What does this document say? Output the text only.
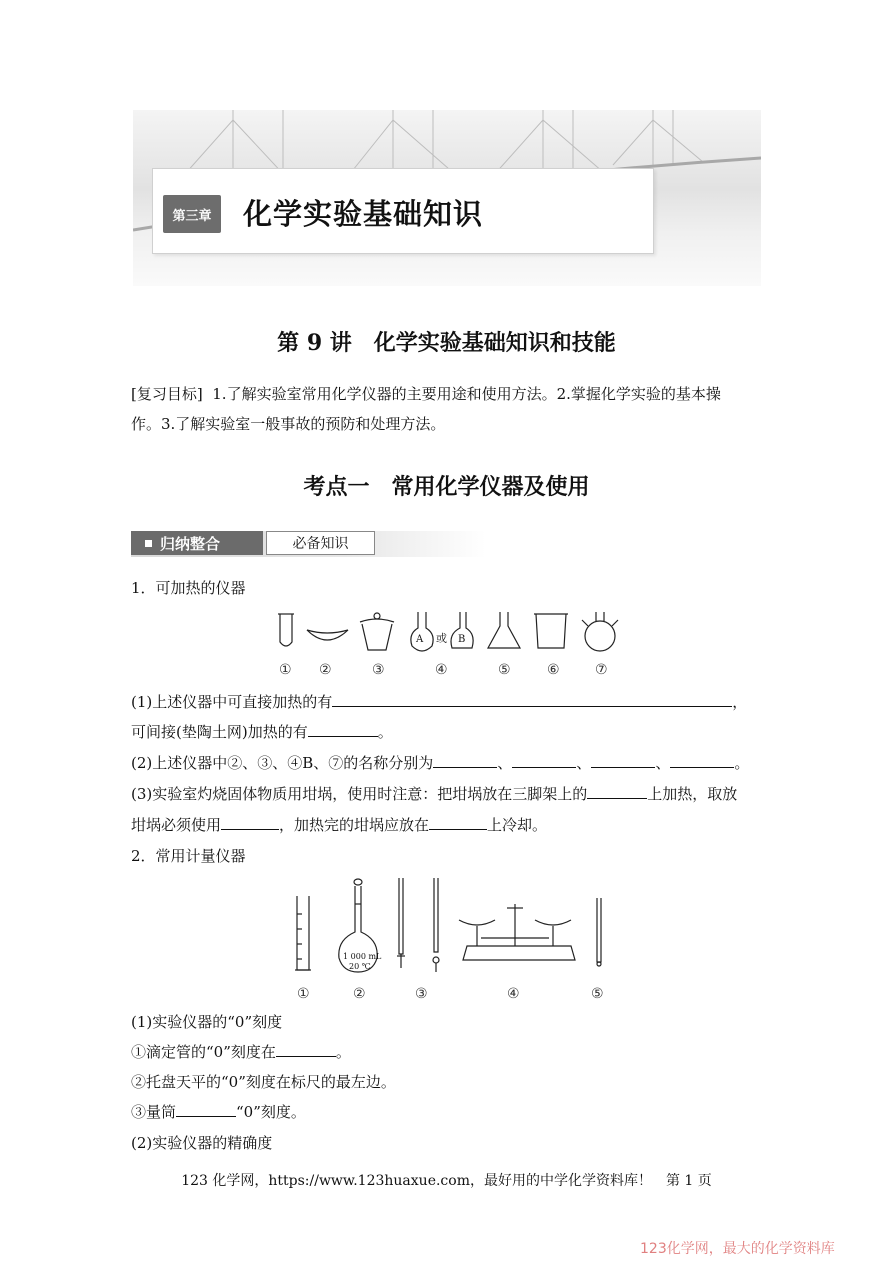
第三章	化学实验基础知识
第 9 讲　化学实验基础知识和技能
[复习目标] 1.了解实验室常用化学仪器的主要用途和使用方法。2.掌握化学实验的基本操
作。3.了解实验室一般事故的预防和处理方法。
考点一　常用化学仪器及使用
归纳整合	必备知识
1．可加热的仪器
A 或 B
① ②	③	④	⑤	⑥	⑦
(1)上述仪器中可直接加热的有	，
可间接(垫陶土网)加热的有	。
(2)上述仪器中②、③、④B、⑦的名称分别为	、	、	、	。
(3)实验室灼烧固体物质用坩埚，使用时注意：把坩埚放在三脚架上的	上加热，取放
坩埚必须使用	，加热完的坩埚应放在	上冷却。
2．常用计量仪器
1 000 mL
20 ℃
①	②	③	④	⑤
(1)实验仪器的“0”刻度
①滴定管的“0”刻度在	。
②托盘天平的“0”刻度在标尺的最左边。
③量筒	“0”刻度。
(2)实验仪器的精确度
123 化学网，https://www.123huaxue.com，最好用的中学化学资料库！　第 1 页
123化学网，最大的化学资料库
